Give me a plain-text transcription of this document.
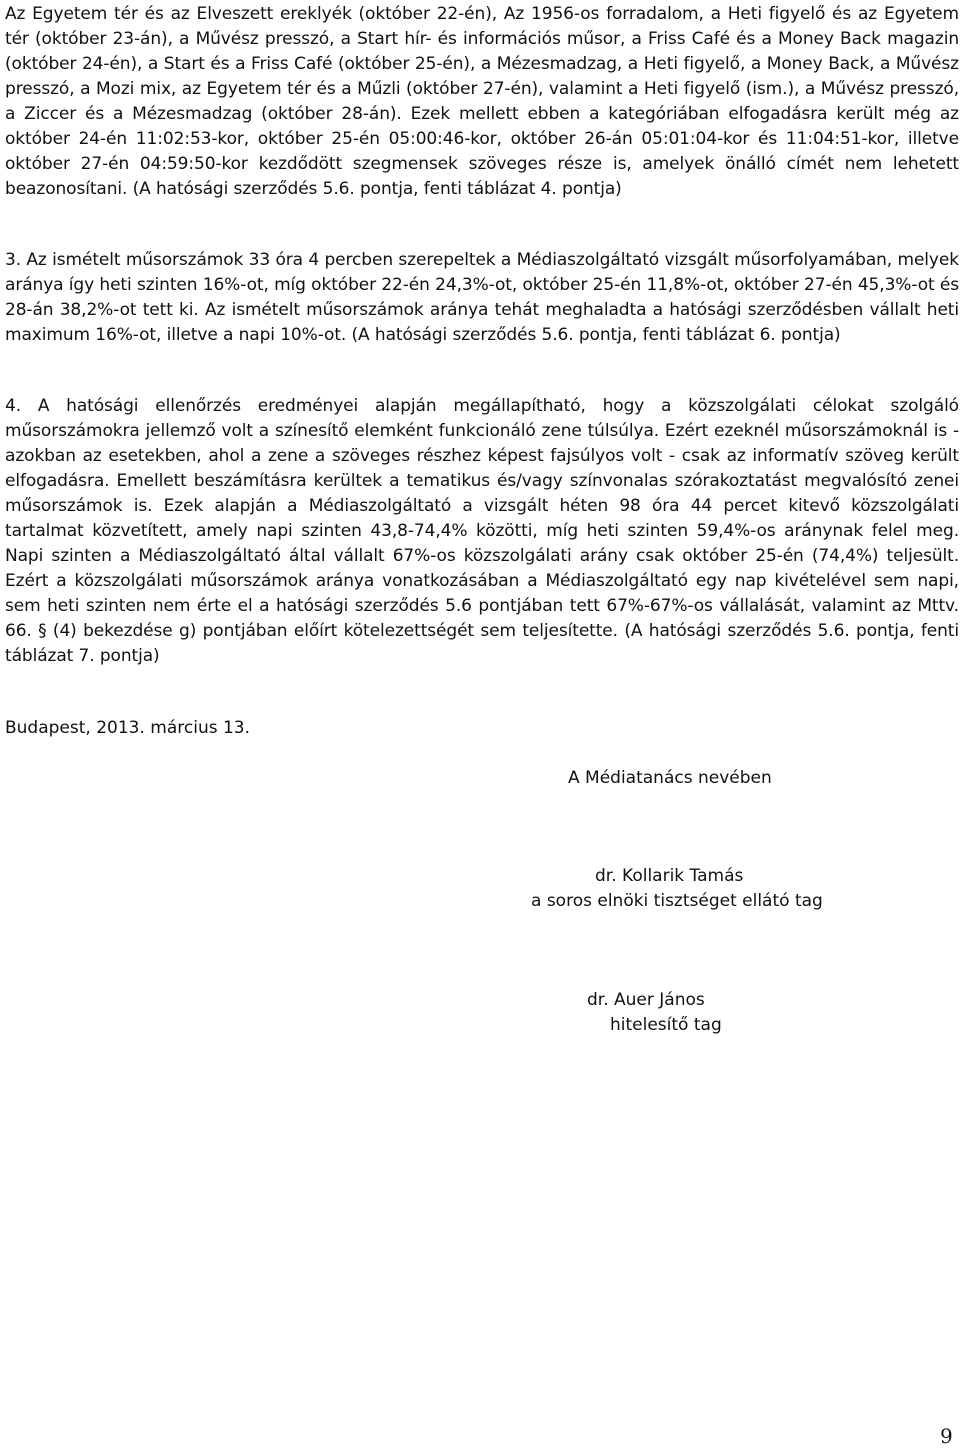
Az Egyetem tér és az Elveszett ereklyék (október 22-én), Az 1956-os forradalom, a Heti figyelő és az Egyetem tér (október 23-án), a Művész presszó, a Start hír- és információs műsor, a Friss Café és a Money Back magazin (október 24-én), a Start és a Friss Café (október 25-én), a Mézesmadzag, a Heti figyelő, a Money Back, a Művész presszó, a Mozi mix, az Egyetem tér és a Műzli (október 27-én), valamint a Heti figyelő (ism.), a Művész presszó, a Ziccer és a Mézesmadzag (október 28-án). Ezek mellett ebben a kategóriában elfogadásra került még az október 24-én 11:02:53-kor, október 25-én 05:00:46-kor, október 26-án 05:01:04-kor és 11:04:51-kor, illetve október 27-én 04:59:50-kor kezdődött szegmensek szöveges része is, amelyek önálló címét nem lehetett beazonosítani. (A hatósági szerződés 5.6. pontja, fenti táblázat 4. pontja)

3. Az ismételt műsorszámok 33 óra 4 percben szerepeltek a Médiaszolgáltató vizsgált műsorfolyamában, melyek aránya így heti szinten 16%-ot, míg október 22-én 24,3%-ot, október 25-én 11,8%-ot, október 27-én 45,3%-ot és 28-án 38,2%-ot tett ki. Az ismételt műsorszámok aránya tehát meghaladta a hatósági szerződésben vállalt heti maximum 16%-ot, illetve a napi 10%-ot. (A hatósági szerződés 5.6. pontja, fenti táblázat 6. pontja)

4. A hatósági ellenőrzés eredményei alapján megállapítható, hogy a közszolgálati célokat szolgáló műsorszámokra jellemző volt a színesítő elemként funkcionáló zene túlsúlya. Ezért ezeknél műsorszámoknál is - azokban az esetekben, ahol a zene a szöveges részhez képest fajsúlyos volt - csak az informatív szöveg került elfogadásra. Emellett beszámításra kerültek a tematikus és/vagy színvonalas szórakoztatást megvalósító zenei műsorszámok is. Ezek alapján a Médiaszolgáltató a vizsgált héten 98 óra 44 percet kitevő közszolgálati tartalmat közvetített, amely napi szinten 43,8-74,4% közötti, míg heti szinten 59,4%-os aránynak felel meg. Napi szinten a Médiaszolgáltató által vállalt 67%-os közszolgálati arány csak október 25-én (74,4%) teljesült. Ezért a közszolgálati műsorszámok aránya vonatkozásában a Médiaszolgáltató egy nap kivételével sem napi, sem heti szinten nem érte el a hatósági szerződés 5.6 pontjában tett 67%-67%-os vállalását, valamint az Mttv. 66. § (4) bekezdése g) pontjában előírt kötelezettségét sem teljesítette. (A hatósági szerződés 5.6. pontja, fenti táblázat 7. pontja)

Budapest, 2013. március 13.

A Médiatanács nevében

dr. Kollarik Tamás

a soros elnöki tisztséget ellátó tag

dr. Auer János

hitelesítő tag

9
